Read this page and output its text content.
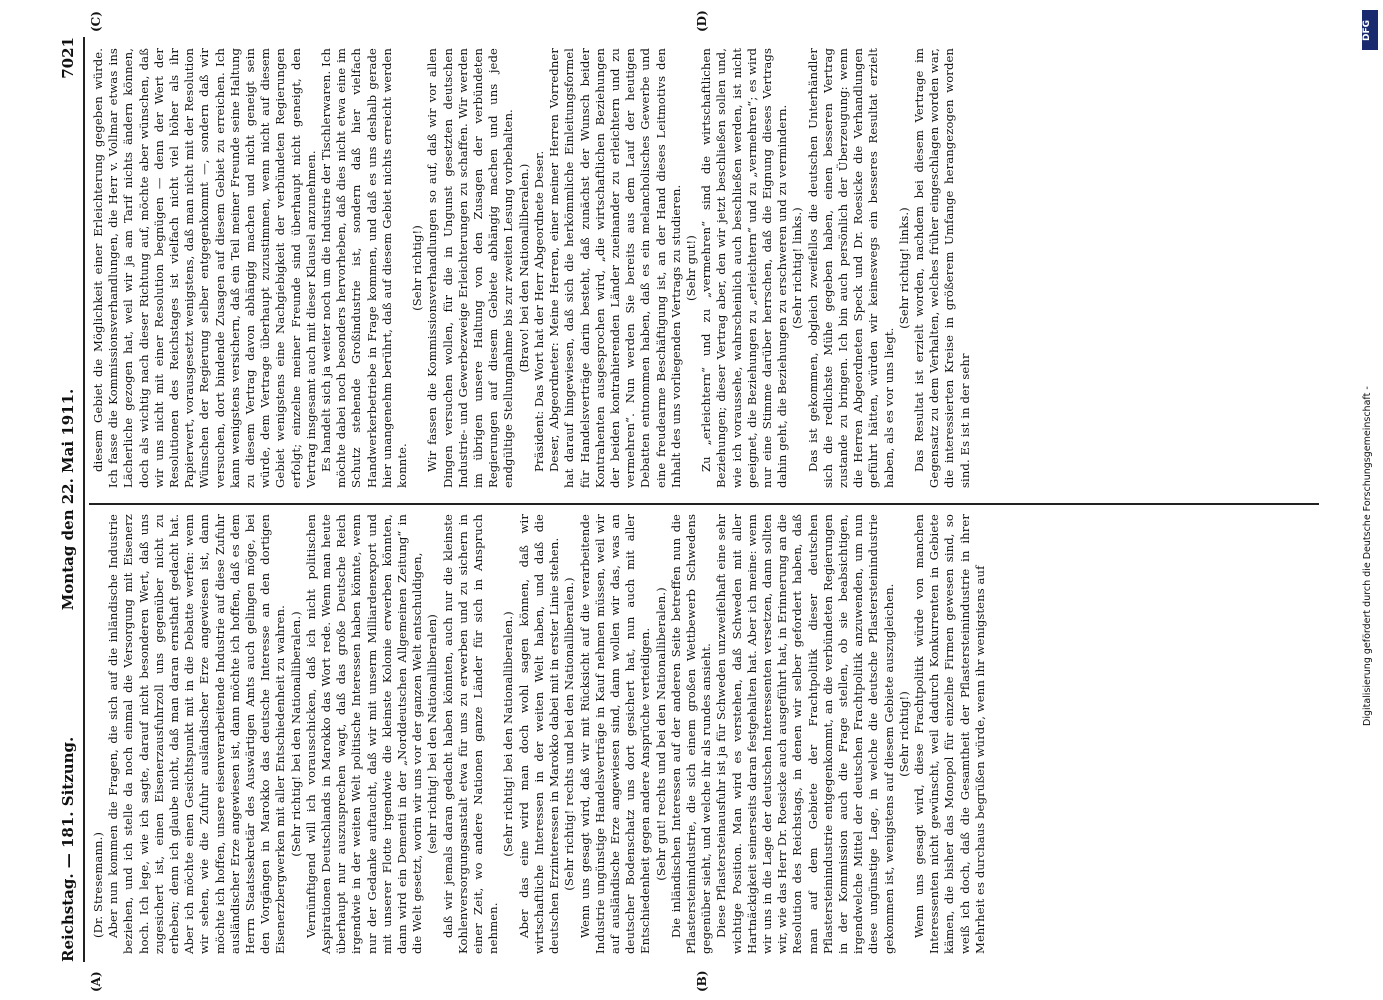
Reichstag. — 181. Sitzung.
Montag den 22. Mai 1911.
7021
(A)	(B)
(C)	(D)

(Dr. Stresemann.) Aber nun kommen die Fragen, die sich auf die inländische Industrie beziehen, und ich stelle da noch einmal die Versorgung mit Eisenerz hoch. Ich lege, wie ich sagte, darauf nicht besonderen Wert, daß uns zugesichert ist, einen Eisenerzausfuhrzoll uns gegenüber nicht zu erheben; denn ich glaube nicht, daß man daran ernsthaft gedacht hat. Aber ich möchte einen Gesichtspunkt mit in die Debatte werfen: wenn wir sehen, wie die Zufuhr ausländischer Erze angewiesen ist, dann möchte ich hoffen, unsere eisenverarbeitende Industrie auf diese Zufuhr ausländischer Erze angewiesen ist, dann möchte ich hoffen, daß es dem Herrn Staatssekretär des Auswärtigen Amts auch gelingen möge, bei den Vorgängen in Marokko das deutsche Interesse an den dortigen Eisenerzbergwerken mit aller Entschiedenheit zu wahren. (Sehr richtig! bei den Nationalliberalen.) Vernünftigend will ich vorausschicken, daß ich nicht politischen Aspirationen Deutschlands in Marokko das Wort rede. Wenn man heute überhaupt nur auszusprechen wagt, daß das große Deutsche Reich irgendwie in der weiten Welt politische Interessen haben könnte, wenn nur der Gedanke auftaucht, daß wir mit unserm Milliardenexport und mit unserer Flotte irgendwie die kleinste Kolonie erwerben könnten, dann wird ein Dementi in der „Norddeutschen Allgemeinen Zeitung“ in die Welt gesetzt, worin wir uns vor der ganzen Welt entschuldigen, (sehr richtig! bei den Nationalliberalen) daß wir jemals daran gedacht haben könnten, auch nur die kleinste Kohlenversorgungsanstalt etwa für uns zu erwerben und zu sichern in einer Zeit, wo andere Nationen ganze Länder für sich in Anspruch nehmen.

(Sehr richtig! bei den Nationalliberalen.) Aber das eine wird man doch wohl sagen können, daß wir wirtschaftliche Interessen in der weiten Welt haben, und daß die deutschen Erzinteressen in Marokko dabei mit in erster Linie stehen. (Sehr richtig! rechts und bei den Nationalliberalen.) Wenn uns gesagt wird, daß wir mit Rücksicht auf die verarbeitende Industrie ungünstige Handelsverträge in Kauf nehmen müssen, weil wir auf ausländische Erze angewiesen sind, dann wollen wir das, was an deutscher Bodenschatz uns dort gesichert hat, nun auch mit aller Entschiedenheit gegen andere Ansprüche verteidigen. (Sehr gut! rechts und bei den Nationalliberalen.) Die inländischen Interessen auf der anderen Seite betreffen nun die Pflastersteinindustrie, die sich einem großen Wettbewerb Schwedens gegenüber sieht, und welche ihr als rundes ansieht. Diese Pflastersteinausfuhr ist ja für Schweden unzweifelhaft eine sehr wichtige Position. Man wird es verstehen, daß Schweden mit aller Hartnäckigkeit seinerseits daran festgehalten hat. Aber ich meine: wenn wir uns in die Lage der deutschen Interessenten versetzen, dann sollten wir, wie das Herr Dr. Roesicke auch ausgeführt hat, in Erinnerung an die Resolution des Reichstags, in denen wir selber gefordert haben, daß man auf dem Gebiete der Frachtpolitik dieser deutschen Pflastersteinindustrie entgegenkommt, an die verbündeten Regierungen in der Kommission auch die Frage stellen, ob sie beabsichtigen, irgendwelche Mittel der deutschen Frachtpolitik anzuwenden, um nun diese ungünstige Lage, in welche die deutsche Pflastersteinindustrie gekommen ist, wenigstens auf diesem Gebiete auszugleichen. (Sehr richtig!) Wenn uns gesagt wird, diese Frachtpolitik würde von manchen Interessenten nicht gewünscht, weil dadurch Konkurrenten in Gebiete kämen, die bisher das Monopol für einzelne Firmen gewesen sind, so weiß ich doch, daß die Gesamtheit der Pflastersteinindustrie in ihrer Mehrheit es durchaus begrüßen würde, wenn ihr wenigstens auf

diesem Gebiet die Möglichkeit einer Erleichterung gegeben würde. Ich fasse die Kommissionsverhandlungen, die Herr v. Vollmar etwas ins Lächerliche gezogen hat, weil wir ja am Tarif nichts ändern können, doch als wichtig nach dieser Richtung auf, möchte aber wünschen, daß wir uns nicht mit einer Resolution begnügen — denn der Wert der Resolutionen des Reichstages ist vielfach nicht viel höher als ihr Papierwert, vorausgesetzt wenigstens, daß man nicht mit der Resolution Wünschen der Regierung selber entgegenkommt —, sondern daß wir versuchen, dort bindende Zusagen auf diesem Gebiet zu erreichen. Ich kann wenigstens versichern, daß ein Teil meiner Freunde seine Haltung zu diesem Vertrag davon abhängig machen und nicht geneigt sein würde, dem Vertrage überhaupt zuzustimmen, wenn nicht auf diesem Gebiet wenigstens eine Nachgiebigkeit der verbündeten Regierungen erfolgt; einzelne meiner Freunde sind überhaupt nicht geneigt, den Vertrag insgesamt auch mit dieser Klausel anzunehmen. Es handelt sich ja weiter noch um die Industrie der Tischlerwaren. Ich möchte dabei noch besonders hervorheben, daß dies nicht etwa eine im Schutz stehende Großindustrie ist, sondern daß hier vielfach Handwerkerbetriebe in Frage kommen, und daß es uns deshalb gerade hier unangenehm berührt, daß auf diesem Gebiet nichts erreicht werden konnte.

(Sehr richtig!) Wir fassen die Kommissionsverhandlungen so auf, daß wir vor allen Dingen versuchen wollen, für die in Ungunst gesetzten deutschen Industrie- und Gewerbezweige Erleichterungen zu schaffen. Wir werden im übrigen unsere Haltung von den Zusagen der verbündeten Regierungen auf diesem Gebiete abhängig machen und uns jede endgültige Stellungnahme bis zur zweiten Lesung vorbehalten. (Bravo! bei den Nationalliberalen.) Präsident: Das Wort hat der Herr Abgeordnete Deser. Deser, Abgeordneter: Meine Herren, einer meiner Herren Vorredner hat darauf hingewiesen, daß sich die herkömmliche Einleitungsformel für Handelsverträge darin besteht, daß zunächst der Wunsch beider Kontrahenten ausgesprochen wird, „die wirtschaftlichen Beziehungen der beiden kontrahierenden Länder zueinander zu erleichtern und zu vermehren“. Nun werden Sie bereits aus dem Lauf der heutigen Debatten entnommen haben, daß es ein melancholisches Gewerbe und eine freudearme Beschäftigung ist, an der Hand dieses Leitmotivs den Inhalt des uns vorliegenden Vertrags zu studieren. (Sehr gut!) Zu „erleichtern“ und zu „vermehren“ sind die wirtschaftlichen Beziehungen; dieser Vertrag aber, den wir jetzt beschließen sollen und, wie ich voraussehe, wahrscheinlich auch beschließen werden, ist nicht geeignet, die Beziehungen zu „erleichtern“ und zu „vermehren“; es wird nur eine Stimme darüber herrschen, daß die Eignung dieses Vertrags dahin geht, die Beziehungen zu erschweren und zu vermindern. (Sehr richtig! links.) Das ist gekommen, obgleich zweifellos die deutschen Unterhändler sich die redlichste Mühe gegeben haben, einen besseren Vertrag zustande zu bringen. Ich bin auch persönlich der Überzeugung: wenn die Herren Abgeordneten Speck und Dr. Roesicke die Verhandlungen geführt hätten, würden wir keineswegs ein besseres Resultat erzielt haben, als es vor uns liegt.

(Sehr richtig! links.) Das Resultat ist erzielt worden, nachdem bei diesem Vertrage im Gegensatz zu dem Verhalten, welches früher eingeschlagen worden war, die interessierten Kreise in größerem Umfange herangezogen worden sind. Es ist in der sehr

DFG
Digitalisierung gefördert durch die Deutsche Forschungsgemeinschaft -
